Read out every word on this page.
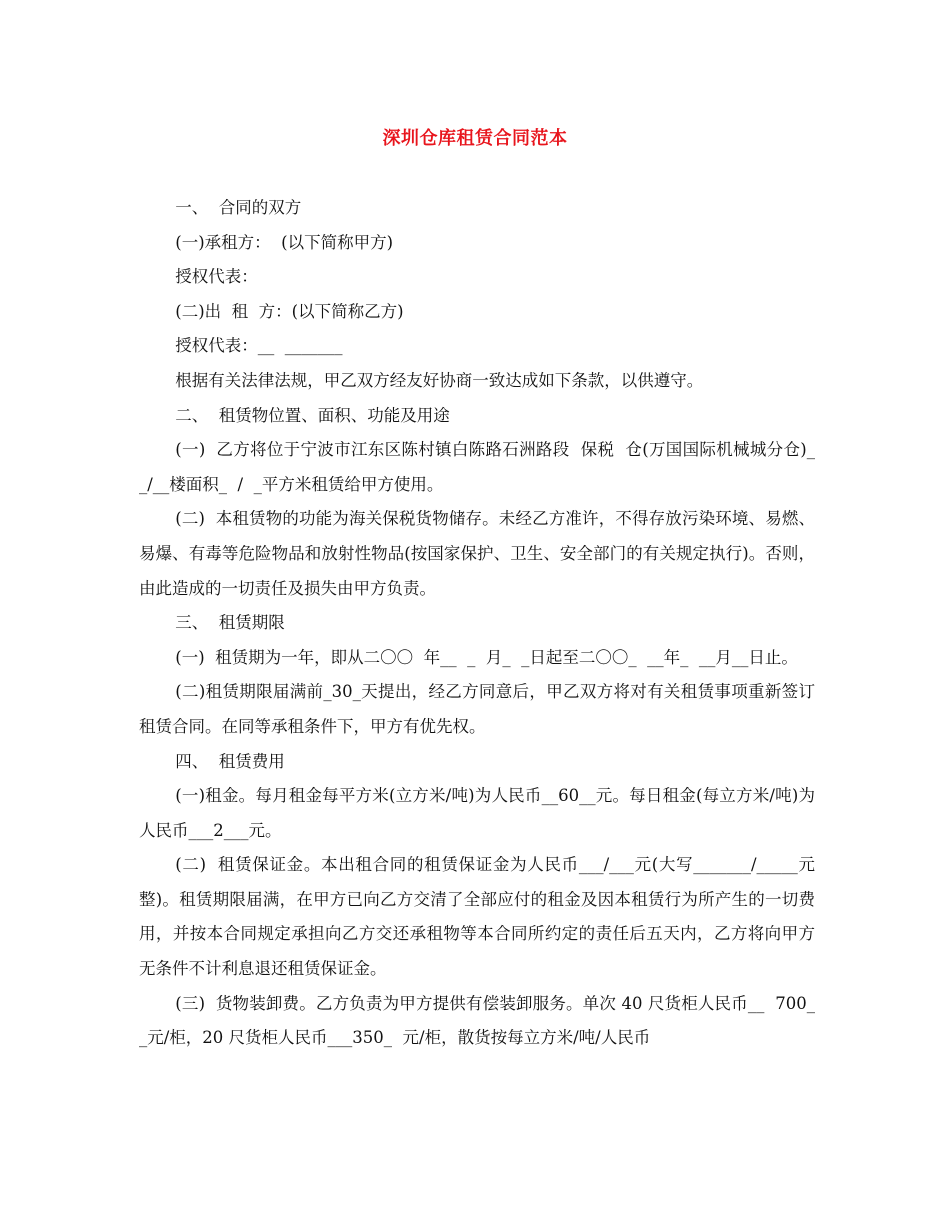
深圳仓库租赁合同范本

一、  合同的双方

(一)承租方：  (以下简称甲方)

授权代表：

(二)出  租  方：(以下简称乙方)

授权代表：__  _______

根据有关法律法规，甲乙双方经友好协商一致达成如下条款，以供遵守。

二、  租赁物位置、面积、功能及用途

(一)  乙方将位于宁波市江东区陈村镇白陈路石洲路段  保税  仓(万国国际机械城分仓)__/__楼面积_  /  _平方米租赁给甲方使用。

(二)  本租赁物的功能为海关保税货物储存。未经乙方准许，不得存放污染环境、易燃、易爆、有毒等危险物品和放射性物品(按国家保护、卫生、安全部门的有关规定执行)。否则，由此造成的一切责任及损失由甲方负责。

三、  租赁期限

(一)  租赁期为一年，即从二〇〇  年__  _  月_  _日起至二〇〇_  __年_  __月__日止。

(二)租赁期限届满前_30_天提出，经乙方同意后，甲乙双方将对有关租赁事项重新签订租赁合同。在同等承租条件下，甲方有优先权。

四、  租赁费用

(一)租金。每月租金每平方米(立方米/吨)为人民币__60__元。每日租金(每立方米/吨)为人民币___2___元。

(二)  租赁保证金。本出租合同的租赁保证金为人民币___/___元(大写_______/_____元整)。租赁期限届满，在甲方已向乙方交清了全部应付的租金及因本租赁行为所产生的一切费用，并按本合同规定承担向乙方交还承租物等本合同所约定的责任后五天内，乙方将向甲方无条件不计利息退还租赁保证金。

(三)  货物装卸费。乙方负责为甲方提供有偿装卸服务。单次 40 尺货柜人民币__  700__元/柜，20 尺货柜人民币___350_  元/柜，散货按每立方米/吨/人民币
